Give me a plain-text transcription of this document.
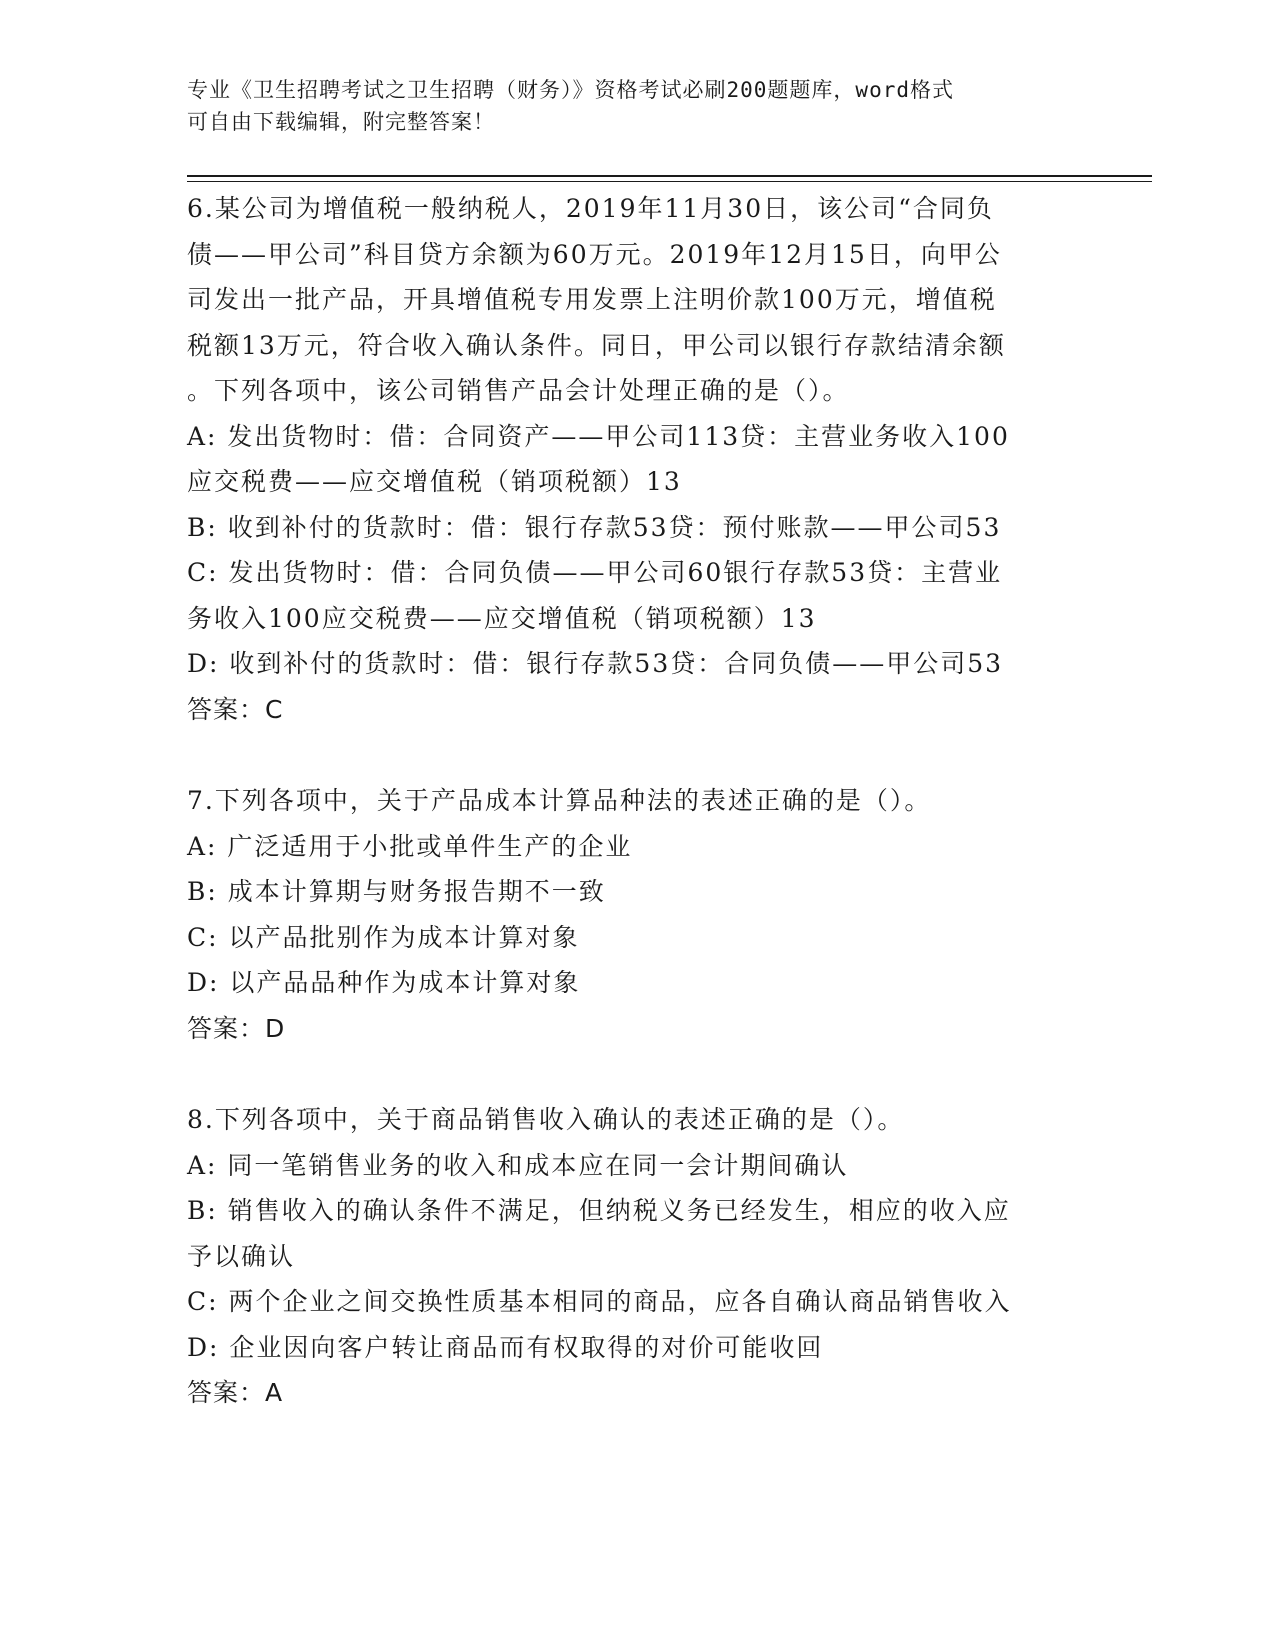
专业《卫生招聘考试之卫生招聘（财务）》资格考试必刷200题题库，word格式
可自由下载编辑，附完整答案！
6.某公司为增值税一般纳税人，2019年11月30日，该公司“合同负
债——甲公司”科目贷方余额为60万元。2019年12月15日，向甲公
司发出一批产品，开具增值税专用发票上注明价款100万元，增值税
税额13万元，符合收入确认条件。同日，甲公司以银行存款结清余额
。下列各项中，该公司销售产品会计处理正确的是（）。
A: 发出货物时：借：合同资产——甲公司113贷：主营业务收入100
应交税费——应交增值税（销项税额）13
B: 收到补付的货款时：借：银行存款53贷：预付账款——甲公司53
C: 发出货物时：借：合同负债——甲公司60银行存款53贷：主营业
务收入100应交税费——应交增值税（销项税额）13
D: 收到补付的货款时：借：银行存款53贷：合同负债——甲公司53
答案：C
7.下列各项中，关于产品成本计算品种法的表述正确的是（）。
A: 广泛适用于小批或单件生产的企业
B: 成本计算期与财务报告期不一致
C: 以产品批别作为成本计算对象
D: 以产品品种作为成本计算对象
答案：D
8.下列各项中，关于商品销售收入确认的表述正确的是（）。
A: 同一笔销售业务的收入和成本应在同一会计期间确认
B: 销售收入的确认条件不满足，但纳税义务已经发生，相应的收入应
予以确认
C: 两个企业之间交换性质基本相同的商品，应各自确认商品销售收入
D: 企业因向客户转让商品而有权取得的对价可能收回
答案：A
